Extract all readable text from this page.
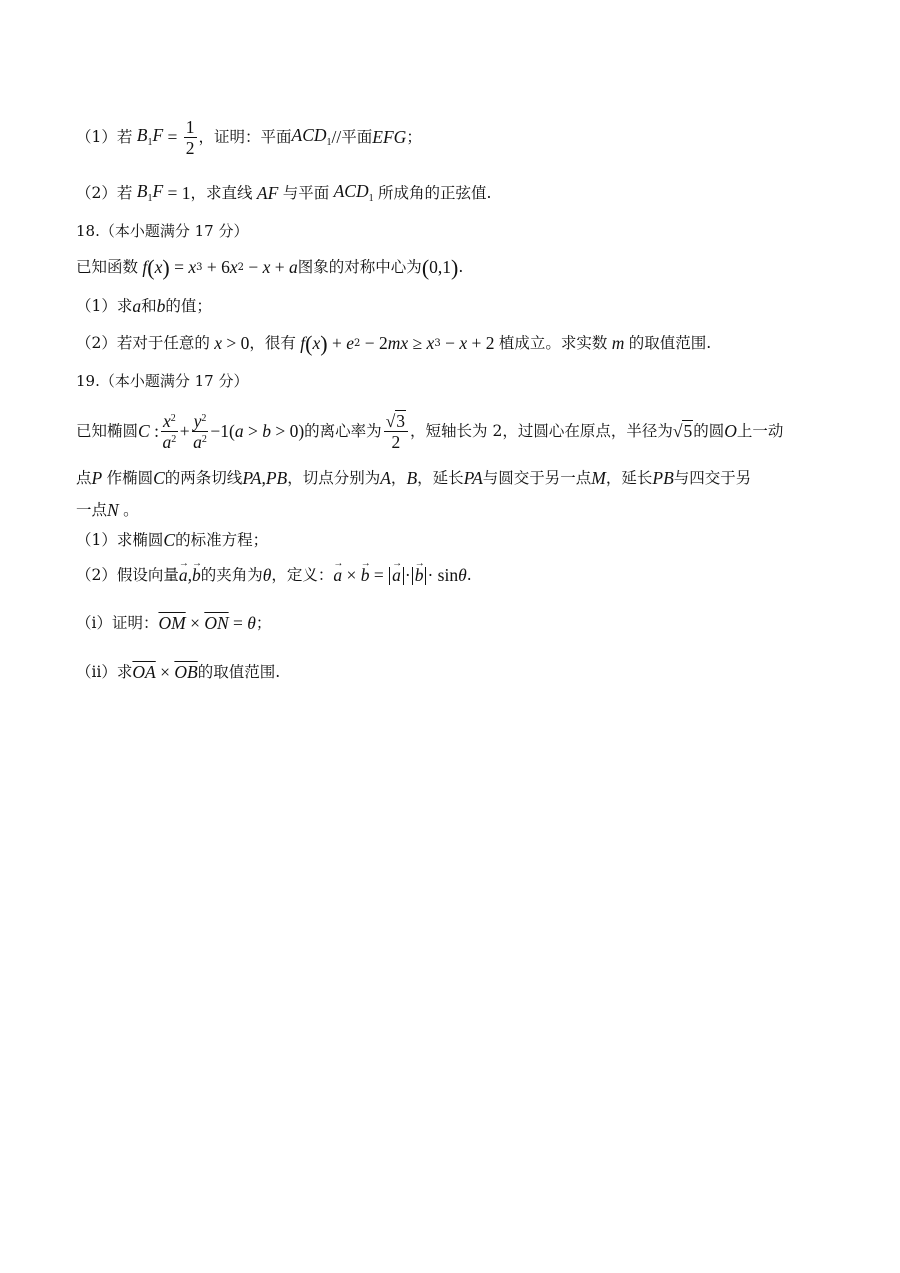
（1）若 $B_1F = \frac{1}{2}$ ，证明：平面 $ACD_1$ // 平面 EFG ；
（2）若 $B_1F = 1$ ，求直线 AF 与平面 $ACD_1$ 所成角的正弦值.
18.（本小题满分 17 分）
已知函数 f ( x ) = x 3 + 6 x 2 − x + a 图象的对称中心为 ( 0,1 ) .
（1）求 a 和 b 的值；
（2）若对于任意的 x > 0 ，很有 f ( x ) + e 2 − 2 mx ≥ x 3 − x + 2 植成立。求实数 m 的取值范围.
19.（本小题满分 17 分）
已知椭圆 C : $\frac{x^2}{a^2} + \frac{y^2}{a^2} -1$( a > b > 0) 的离心率为 $\frac{√3}{2}$ ，短轴长为 2，过圆心在原点，半径为 √5 的圆 O 上一动
点 P 作椭圆 C 的两条切线 PA , PB ，切点分别为 A ， B ，延长 PA 与圆交于另一点 M ，延长 PB 与四交于另
一点 N 。
（1）求椭圆 C 的标准方程；
（2）假设向量 → a,→ b 的夹角为 θ ，定义： → a × → b = → a · → b · sin θ .
（ⅰ）证明： $\overline{OM} \times \overline{ON} = \theta$ ；
（ⅱ）求 $\overline{OA} \times \overline{OB}$ 的取值范围.
